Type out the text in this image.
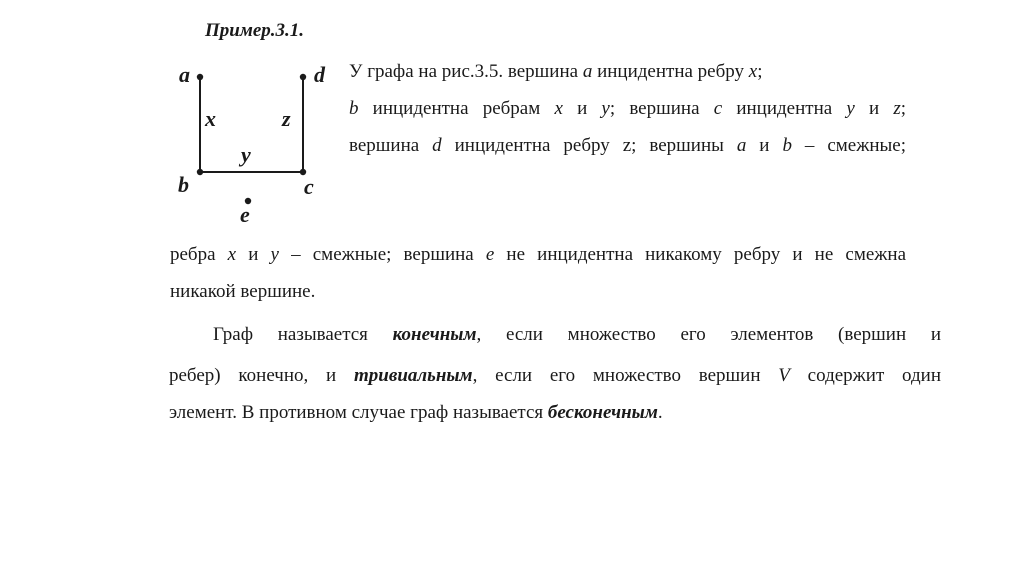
Пример.3.1.
a	d
b	c
e
x	z
y
У графа на рис.3.5. вершина a инцидентна ребру x;
b инцидентна ребрам x и y; вершина c инцидентна y и z;
вершина d инцидентна ребру z; вершины a и b – смежные;
ребра x и y – смежные; вершина e не инцидентна никакому ребру и не смежна
никакой вершине.
Граф называется конечным, если множество его элементов (вершин и
ребер) конечно, и тривиальным, если его множество вершин V содержит один
элемент. В противном случае граф называется бесконечным.
